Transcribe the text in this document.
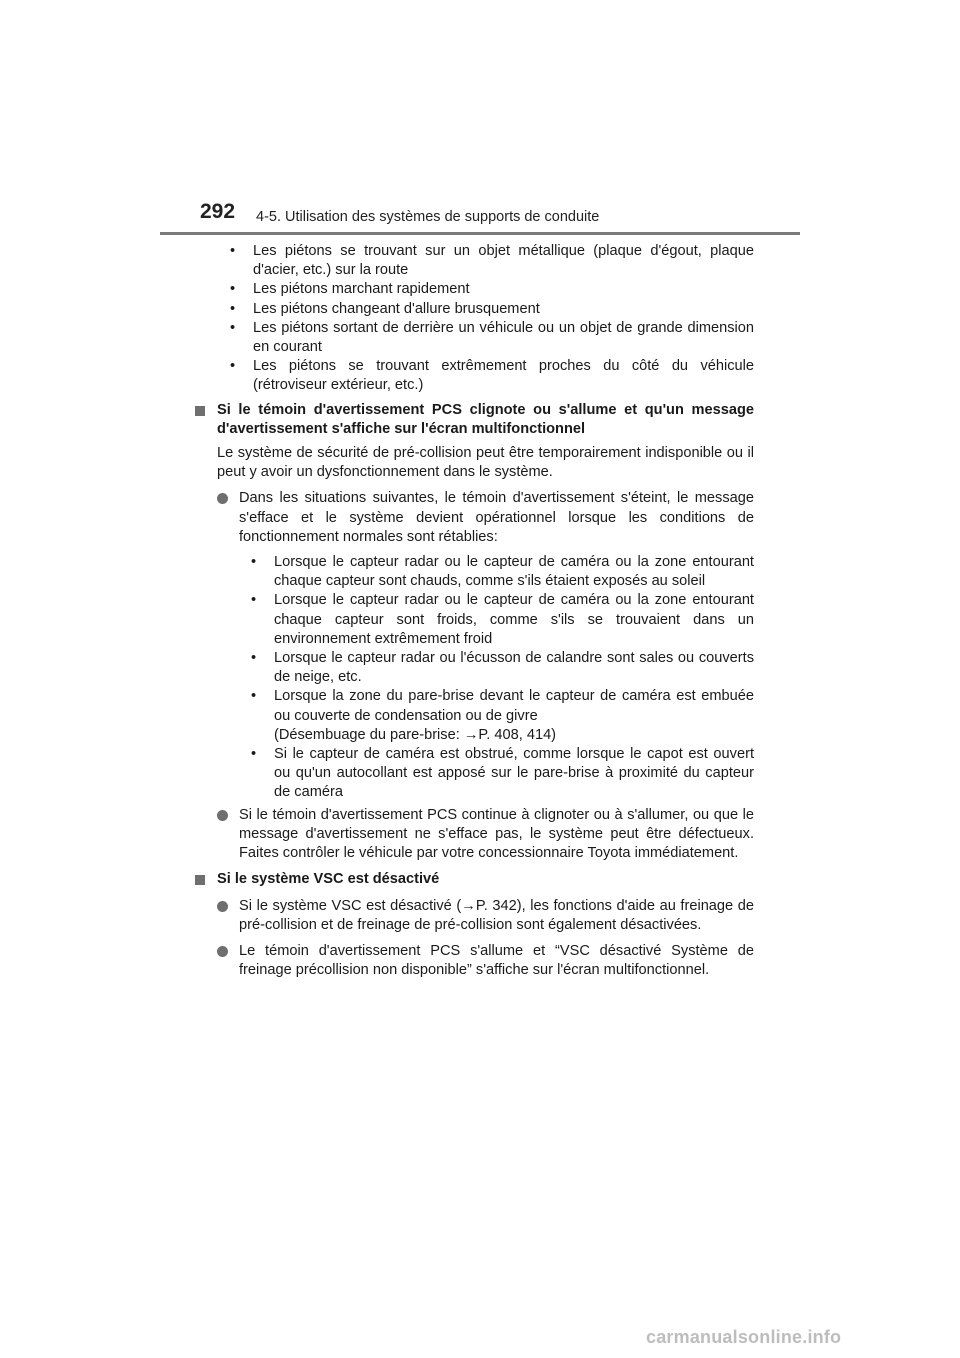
292 4-5. Utilisation des systèmes de supports de conduite
• Les piétons se trouvant sur un objet métallique (plaque d'égout, plaque d'acier, etc.) sur la route
• Les piétons marchant rapidement
• Les piétons changeant d'allure brusquement
• Les piétons sortant de derrière un véhicule ou un objet de grande dimension en courant
• Les piétons se trouvant extrêmement proches du côté du véhicule (rétroviseur extérieur, etc.)
Si le témoin d'avertissement PCS clignote ou s'allume et qu'un message d'avertissement s'affiche sur l'écran multifonctionnel
Le système de sécurité de pré-collision peut être temporairement indisponible ou il peut y avoir un dysfonctionnement dans le système.
Dans les situations suivantes, le témoin d'avertissement s'éteint, le message s'efface et le système devient opérationnel lorsque les conditions de fonctionnement normales sont rétablies:
• Lorsque le capteur radar ou le capteur de caméra ou la zone entourant chaque capteur sont chauds, comme s'ils étaient exposés au soleil
• Lorsque le capteur radar ou le capteur de caméra ou la zone entourant chaque capteur sont froids, comme s'ils se trouvaient dans un environnement extrêmement froid
• Lorsque le capteur radar ou l'écusson de calandre sont sales ou couverts de neige, etc.
• Lorsque la zone du pare-brise devant le capteur de caméra est embuée ou couverte de condensation ou de givre
(Désembuage du pare-brise: →P. 408, 414)
• Si le capteur de caméra est obstrué, comme lorsque le capot est ouvert ou qu'un autocollant est apposé sur le pare-brise à proximité du capteur de caméra
Si le témoin d'avertissement PCS continue à clignoter ou à s'allumer, ou que le message d'avertissement ne s'efface pas, le système peut être défectueux. Faites contrôler le véhicule par votre concessionnaire Toyota immédiatement.
Si le système VSC est désactivé
Si le système VSC est désactivé (→P. 342), les fonctions d'aide au freinage de pré-collision et de freinage de pré-collision sont également désactivées.
Le témoin d'avertissement PCS s'allume et “VSC désactivé Système de freinage précollision non disponible” s'affiche sur l'écran multifonctionnel.
carmanualsonline.info
